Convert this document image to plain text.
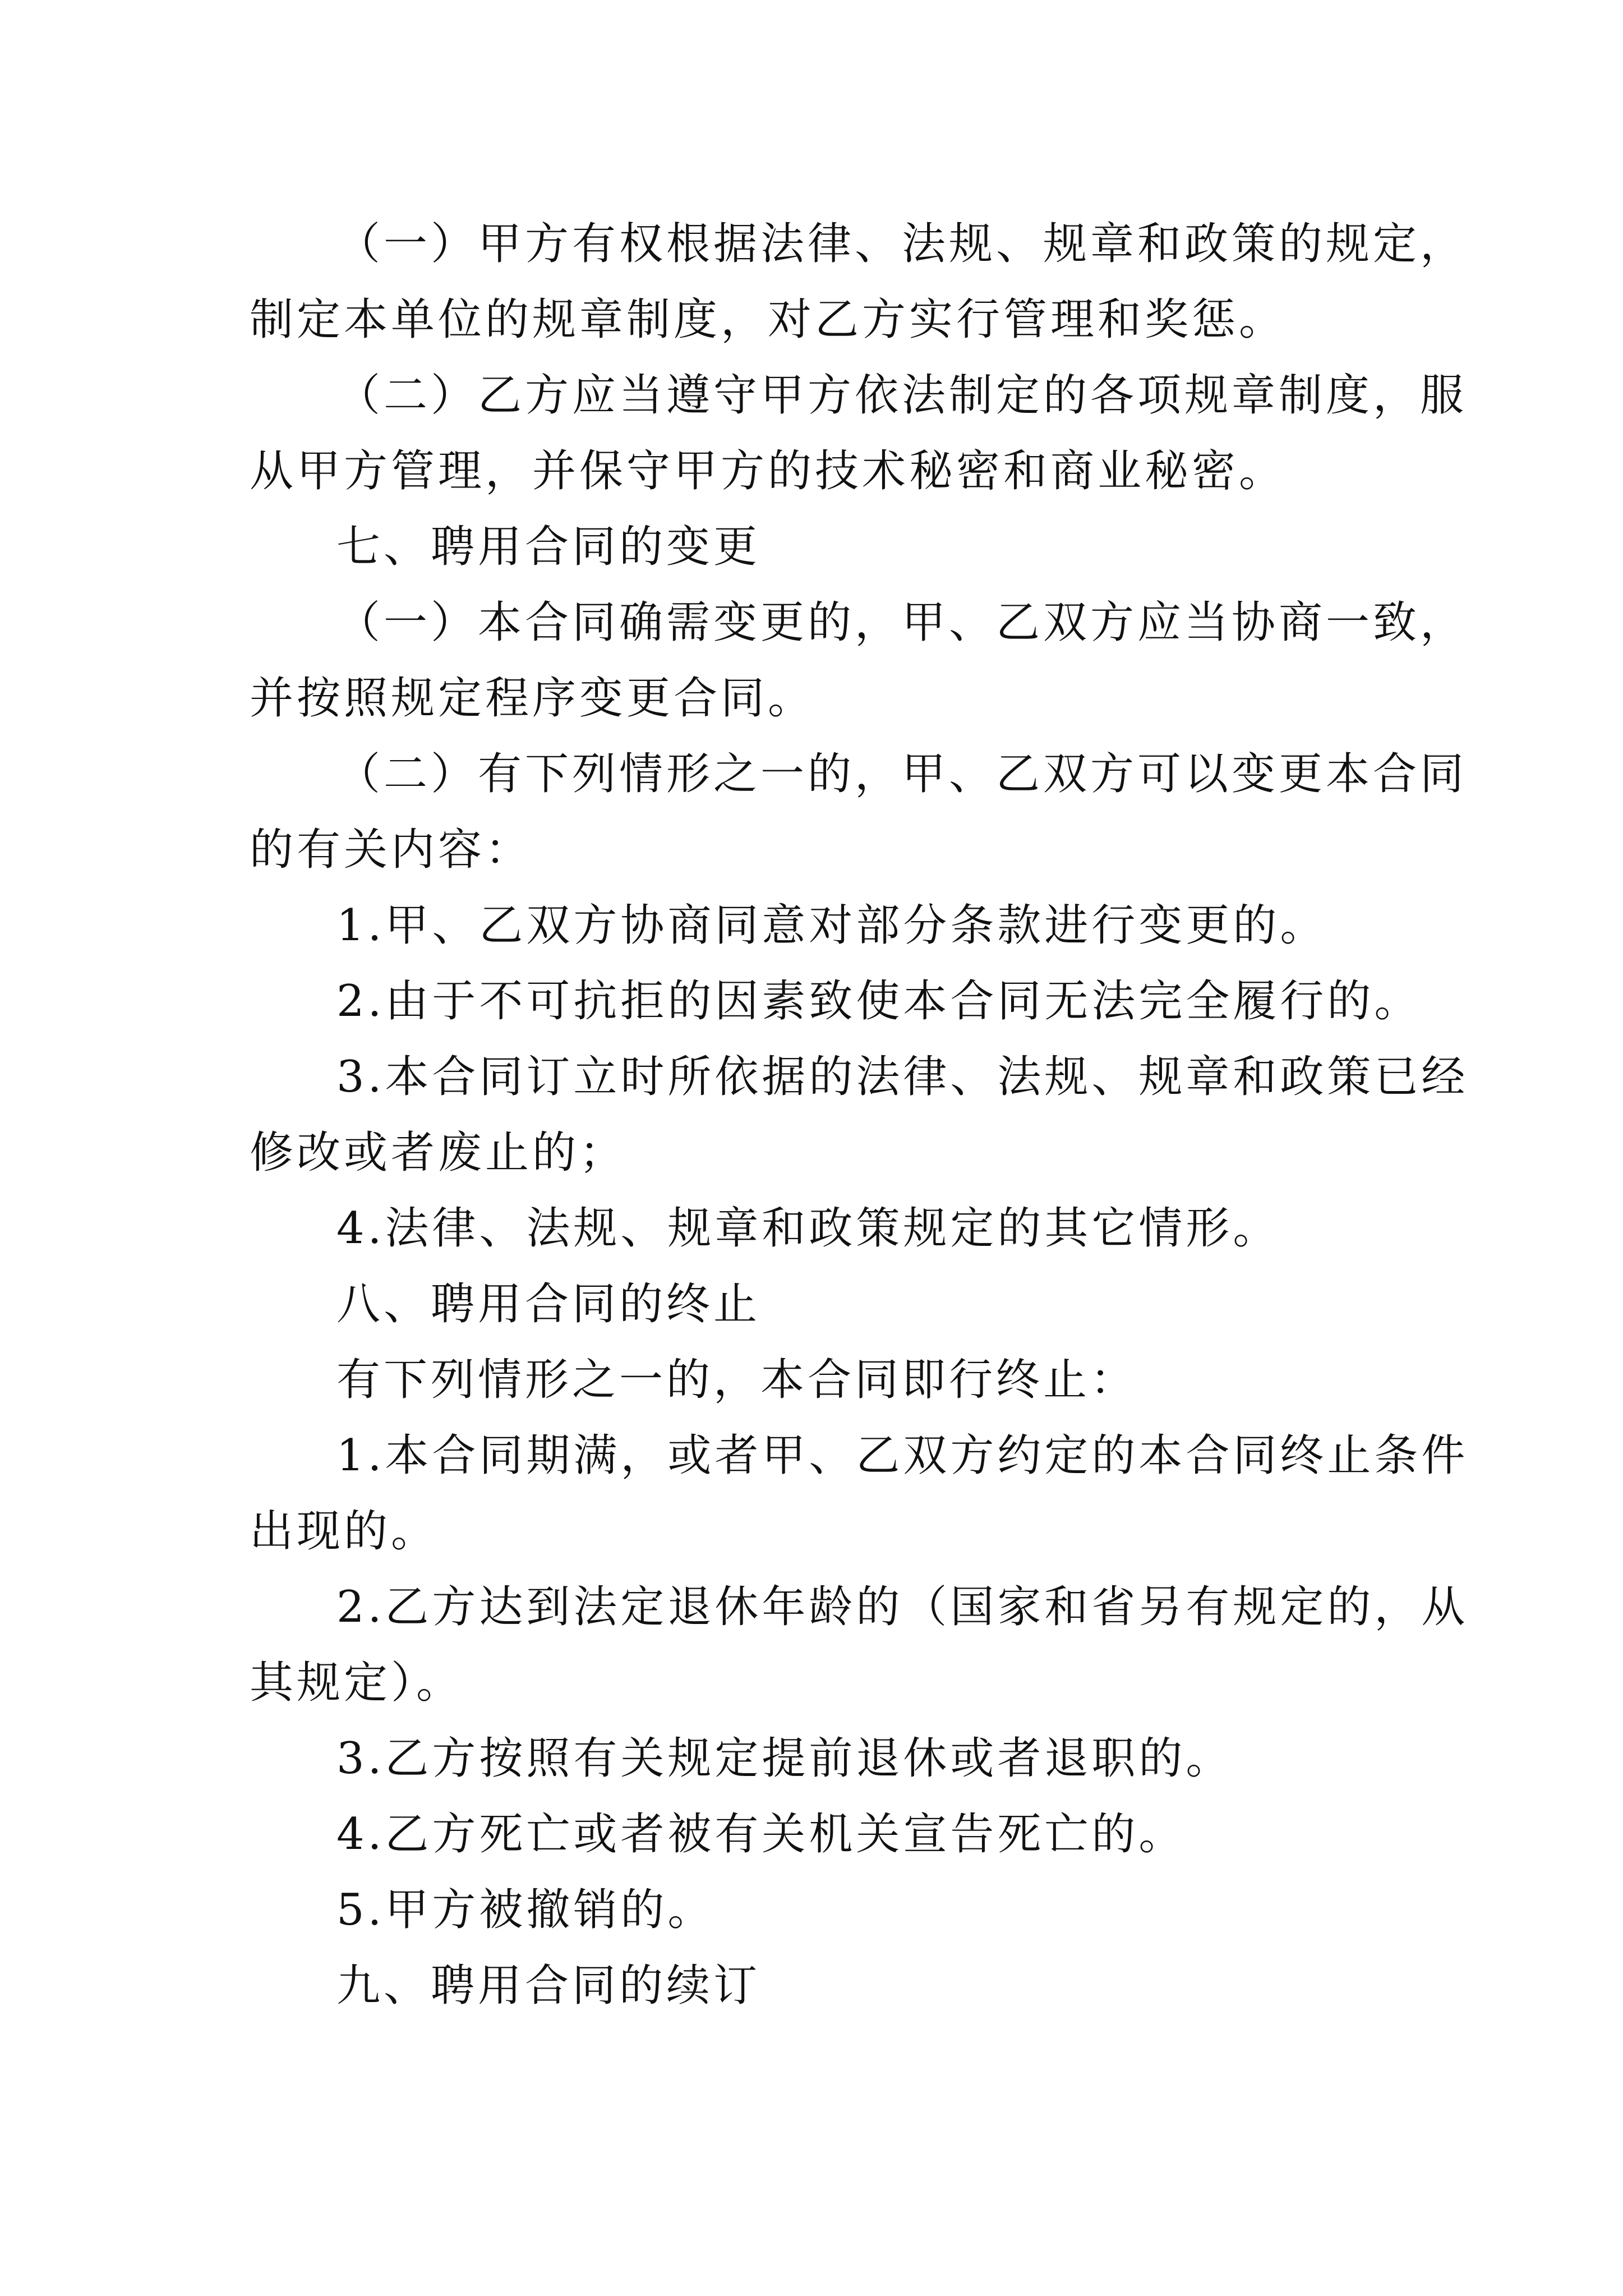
（一）甲方有权根据法律、法规、规章和政策的规定，
制定本单位的规章制度，对乙方实行管理和奖惩。
（二）乙方应当遵守甲方依法制定的各项规章制度，服
从甲方管理，并保守甲方的技术秘密和商业秘密。
七、聘用合同的变更
（一）本合同确需变更的，甲、乙双方应当协商一致，
并按照规定程序变更合同。
（二）有下列情形之一的，甲、乙双方可以变更本合同
的有关内容：
1.甲、乙双方协商同意对部分条款进行变更的。
2.由于不可抗拒的因素致使本合同无法完全履行的。
3.本合同订立时所依据的法律、法规、规章和政策已经
修改或者废止的；
4.法律、法规、规章和政策规定的其它情形。
八、聘用合同的终止
有下列情形之一的，本合同即行终止：
1.本合同期满，或者甲、乙双方约定的本合同终止条件
出现的。
2.乙方达到法定退休年龄的（国家和省另有规定的，从
其规定）。
3.乙方按照有关规定提前退休或者退职的。
4.乙方死亡或者被有关机关宣告死亡的。
5.甲方被撤销的。
九、聘用合同的续订
